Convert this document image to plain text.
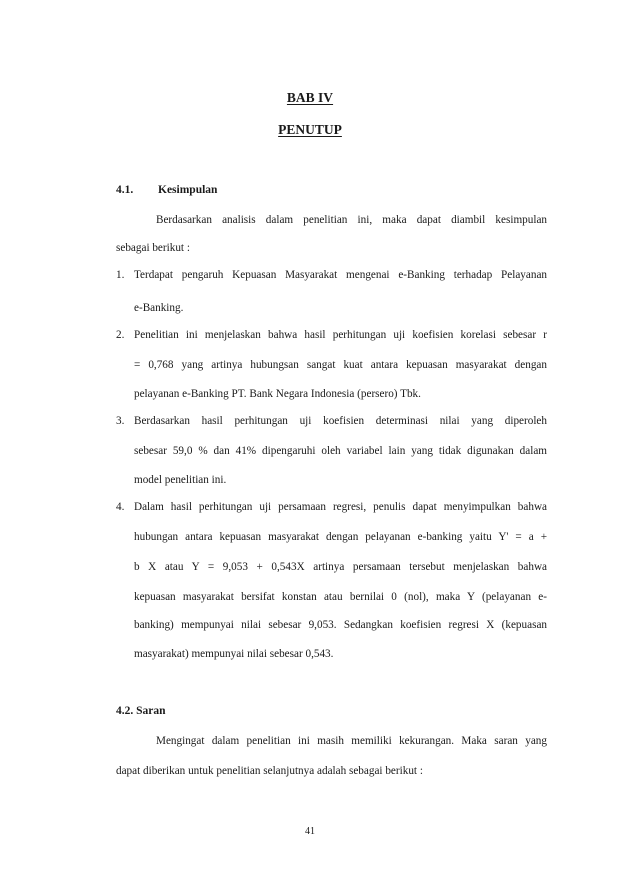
BAB IV
PENUTUP
4.1. Kesimpulan
Berdasarkan analisis dalam penelitian ini, maka dapat diambil kesimpulan
sebagai berikut :
1. Terdapat pengaruh Kepuasan Masyarakat mengenai e-Banking terhadap Pelayanan
e-Banking.
2. Penelitian ini menjelaskan bahwa hasil perhitungan uji koefisien korelasi sebesar r
= 0,768 yang artinya hubungsan sangat kuat antara kepuasan masyarakat dengan
pelayanan e-Banking PT. Bank Negara Indonesia (persero) Tbk.
3. Berdasarkan hasil perhitungan uji koefisien determinasi nilai yang diperoleh
sebesar 59,0 % dan 41% dipengaruhi oleh variabel lain yang tidak digunakan dalam
model penelitian ini.
4. Dalam hasil perhitungan uji persamaan regresi, penulis dapat menyimpulkan bahwa
hubungan antara kepuasan masyarakat dengan pelayanan e-banking yaitu Y' = a +
b X atau Y = 9,053 + 0,543X artinya persamaan tersebut menjelaskan bahwa
kepuasan masyarakat bersifat konstan atau bernilai 0 (nol), maka Y (pelayanan e-
banking) mempunyai nilai sebesar 9,053. Sedangkan koefisien regresi X (kepuasan
masyarakat) mempunyai nilai sebesar 0,543.
4.2. Saran
Mengingat dalam penelitian ini masih memiliki kekurangan. Maka saran yang
dapat diberikan untuk penelitian selanjutnya adalah sebagai berikut :
41
